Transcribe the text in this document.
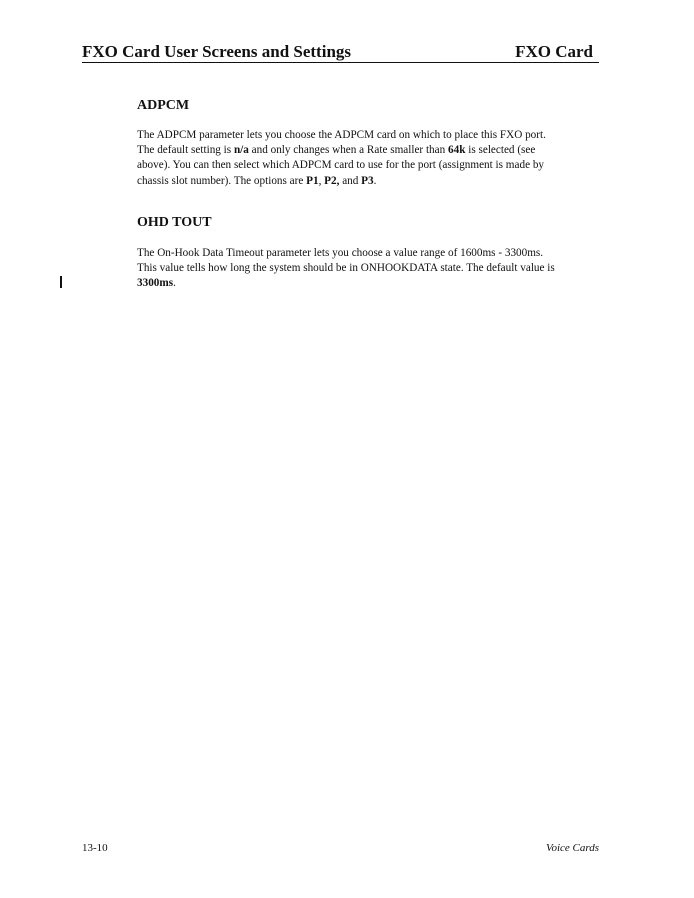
FXO Card User Screens and Settings	FXO Card
ADPCM
The ADPCM parameter lets you choose the ADPCM card on which to place this FXO port.
The default setting is n/a and only changes when a Rate smaller than 64k is selected (see
above). You can then select which ADPCM card to use for the port (assignment is made by
chassis slot number). The options are P1, P2, and P3.
OHD TOUT
The On-Hook Data Timeout parameter lets you choose a value range of 1600ms - 3300ms.
This value tells how long the system should be in ONHOOKDATA state. The default value is
3300ms.
13-10	Voice Cards
